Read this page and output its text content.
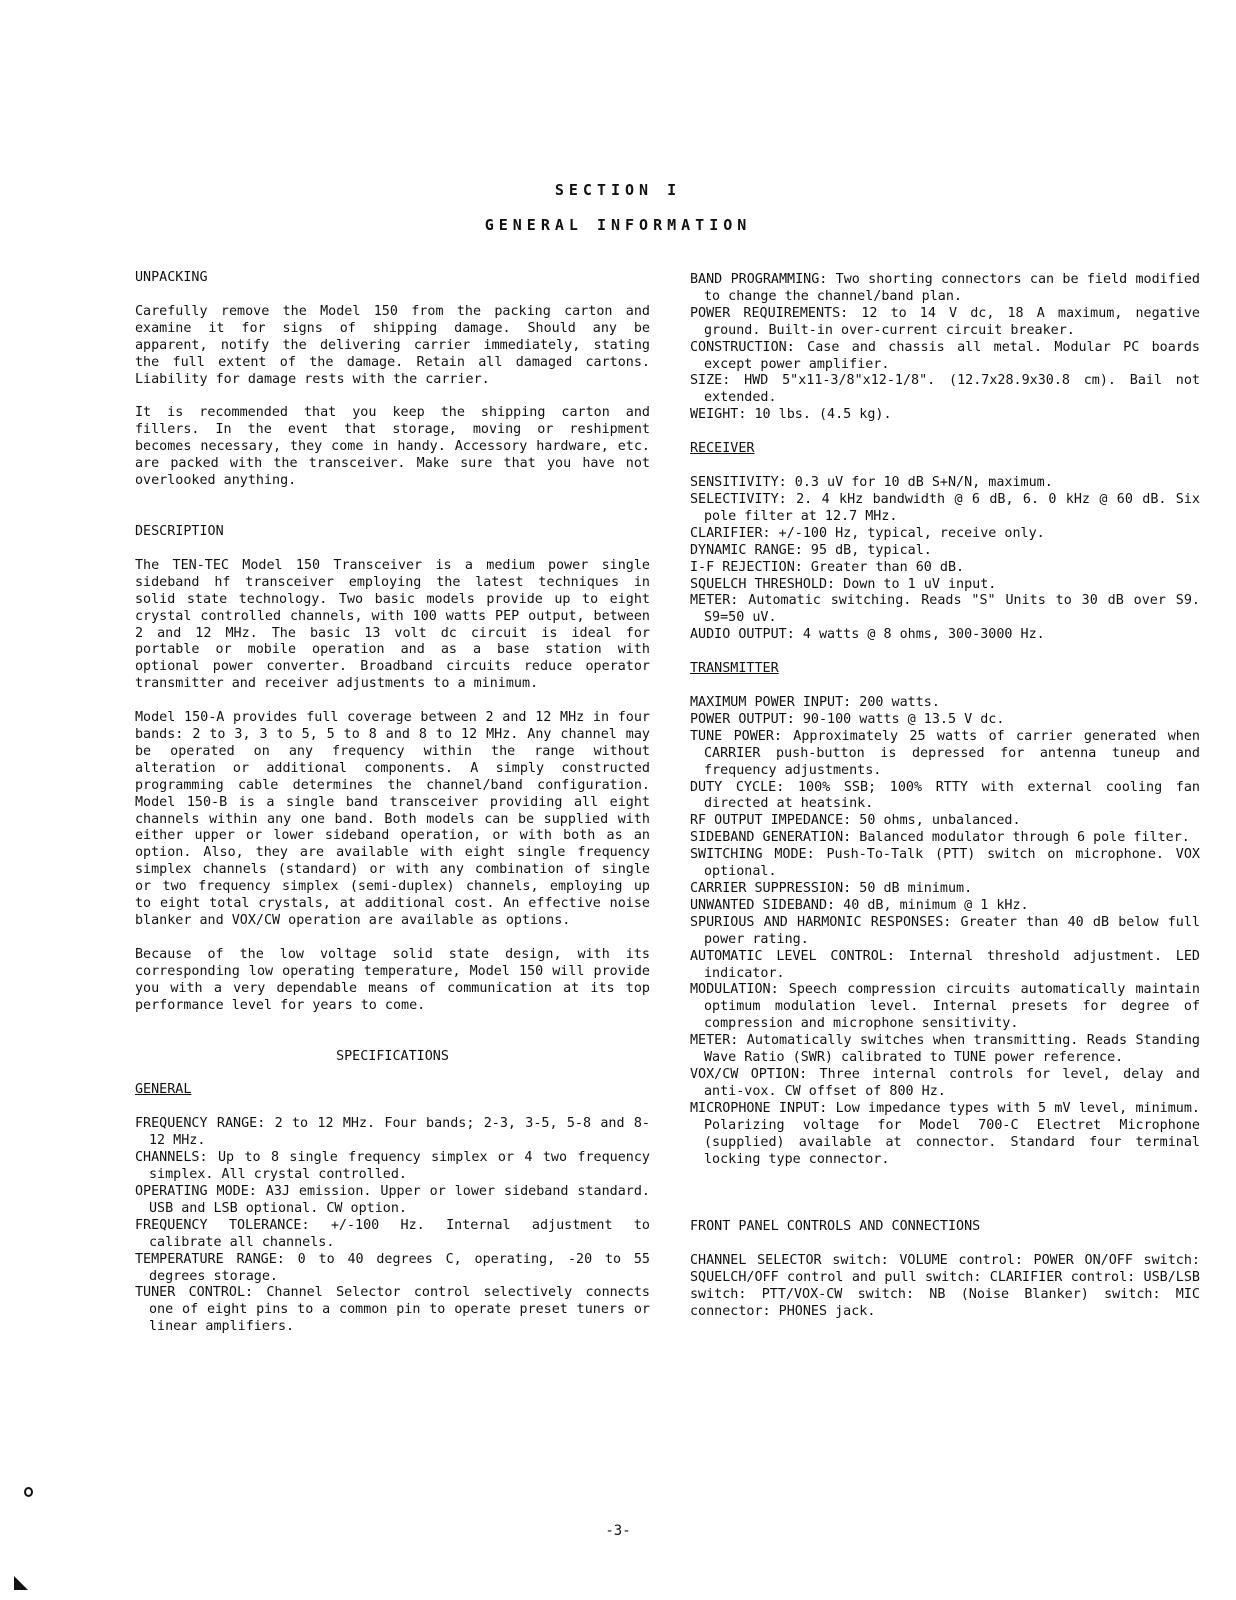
SECTION I
GENERAL INFORMATION

UNPACKING

Carefully remove the Model 150 from the packing carton and examine it for signs of shipping damage. Should any be apparent, notify the delivering carrier immediately, stating the full extent of the damage. Retain all damaged cartons. Liability for damage rests with the carrier.

It is recommended that you keep the shipping carton and fillers. In the event that storage, moving or reshipment becomes necessary, they come in handy. Accessory hardware, etc. are packed with the transceiver. Make sure that you have not overlooked anything.

DESCRIPTION

The TEN-TEC Model 150 Transceiver is a medium power single sideband hf transceiver employing the latest techniques in solid state technology. Two basic models provide up to eight crystal controlled channels, with 100 watts PEP output, between 2 and 12 MHz. The basic 13 volt dc circuit is ideal for portable or mobile operation and as a base station with optional power converter. Broadband circuits reduce operator transmitter and receiver adjustments to a minimum.

Model 150-A provides full coverage between 2 and 12 MHz in four bands: 2 to 3, 3 to 5, 5 to 8 and 8 to 12 MHz. Any channel may be operated on any frequency within the range without alteration or additional components. A simply constructed programming cable determines the channel/band configuration. Model 150-B is a single band transceiver providing all eight channels within any one band. Both models can be supplied with either upper or lower sideband operation, or with both as an option. Also, they are available with eight single frequency simplex channels (standard) or with any combination of single or two frequency simplex (semi-duplex) channels, employing up to eight total crystals, at additional cost. An effective noise blanker and VOX/CW operation are available as options.

Because of the low voltage solid state design, with its corresponding low operating temperature, Model 150 will provide you with a very dependable means of communication at its top performance level for years to come.

SPECIFICATIONS

GENERAL

FREQUENCY RANGE: 2 to 12 MHz. Four bands; 2-3, 3-5, 5-8 and 8-12 MHz.

CHANNELS: Up to 8 single frequency simplex or 4 two frequency simplex. All crystal controlled.

OPERATING MODE: A3J emission. Upper or lower sideband standard. USB and LSB optional. CW option.

FREQUENCY TOLERANCE: +/-100 Hz. Internal adjustment to calibrate all channels.

TEMPERATURE RANGE: 0 to 40 degrees C, operating, -20 to 55 degrees storage.

TUNER CONTROL: Channel Selector control selectively connects one of eight pins to a common pin to operate preset tuners or linear amplifiers.

BAND PROGRAMMING: Two shorting connectors can be field modified to change the channel/band plan.

POWER REQUIREMENTS: 12 to 14 V dc, 18 A maximum, negative ground. Built-in over-current circuit breaker.

CONSTRUCTION: Case and chassis all metal. Modular PC boards except power amplifier.

SIZE: HWD 5"x11-3/8"x12-1/8". (12.7x28.9x30.8 cm). Bail not extended.

WEIGHT: 10 lbs. (4.5 kg).

RECEIVER

SENSITIVITY: 0.3 uV for 10 dB S+N/N, maximum.

SELECTIVITY: 2. 4 kHz bandwidth @ 6 dB, 6. 0 kHz @ 60 dB. Six pole filter at 12.7 MHz.

CLARIFIER: +/-100 Hz, typical, receive only.

DYNAMIC RANGE: 95 dB, typical.

I-F REJECTION: Greater than 60 dB.

SQUELCH THRESHOLD: Down to 1 uV input.

METER: Automatic switching. Reads "S" Units to 30 dB over S9. S9=50 uV.

AUDIO OUTPUT: 4 watts @ 8 ohms, 300-3000 Hz.

TRANSMITTER

MAXIMUM POWER INPUT: 200 watts.

POWER OUTPUT: 90-100 watts @ 13.5 V dc.

TUNE POWER: Approximately 25 watts of carrier generated when CARRIER push-button is depressed for antenna tuneup and frequency adjustments.

DUTY CYCLE: 100% SSB; 100% RTTY with external cooling fan directed at heatsink.

RF OUTPUT IMPEDANCE: 50 ohms, unbalanced.

SIDEBAND GENERATION: Balanced modulator through 6 pole filter.

SWITCHING MODE: Push-To-Talk (PTT) switch on microphone. VOX optional.

CARRIER SUPPRESSION: 50 dB minimum.

UNWANTED SIDEBAND: 40 dB, minimum @ 1 kHz.

SPURIOUS AND HARMONIC RESPONSES: Greater than 40 dB below full power rating.

AUTOMATIC LEVEL CONTROL: Internal threshold adjustment. LED indicator.

MODULATION: Speech compression circuits automatically maintain optimum modulation level. Internal presets for degree of compression and microphone sensitivity.

METER: Automatically switches when transmitting. Reads Standing Wave Ratio (SWR) calibrated to TUNE power reference.

VOX/CW OPTION: Three internal controls for level, delay and anti-vox. CW offset of 800 Hz.

MICROPHONE INPUT: Low impedance types with 5 mV level, minimum. Polarizing voltage for Model 700-C Electret Microphone (supplied) available at connector. Standard four terminal locking type connector.

FRONT PANEL CONTROLS AND CONNECTIONS

CHANNEL SELECTOR switch: VOLUME control: POWER ON/OFF switch: SQUELCH/OFF control and pull switch: CLARIFIER control: USB/LSB switch: PTT/VOX-CW switch: NB (Noise Blanker) switch: MIC connector: PHONES jack.

-3-
